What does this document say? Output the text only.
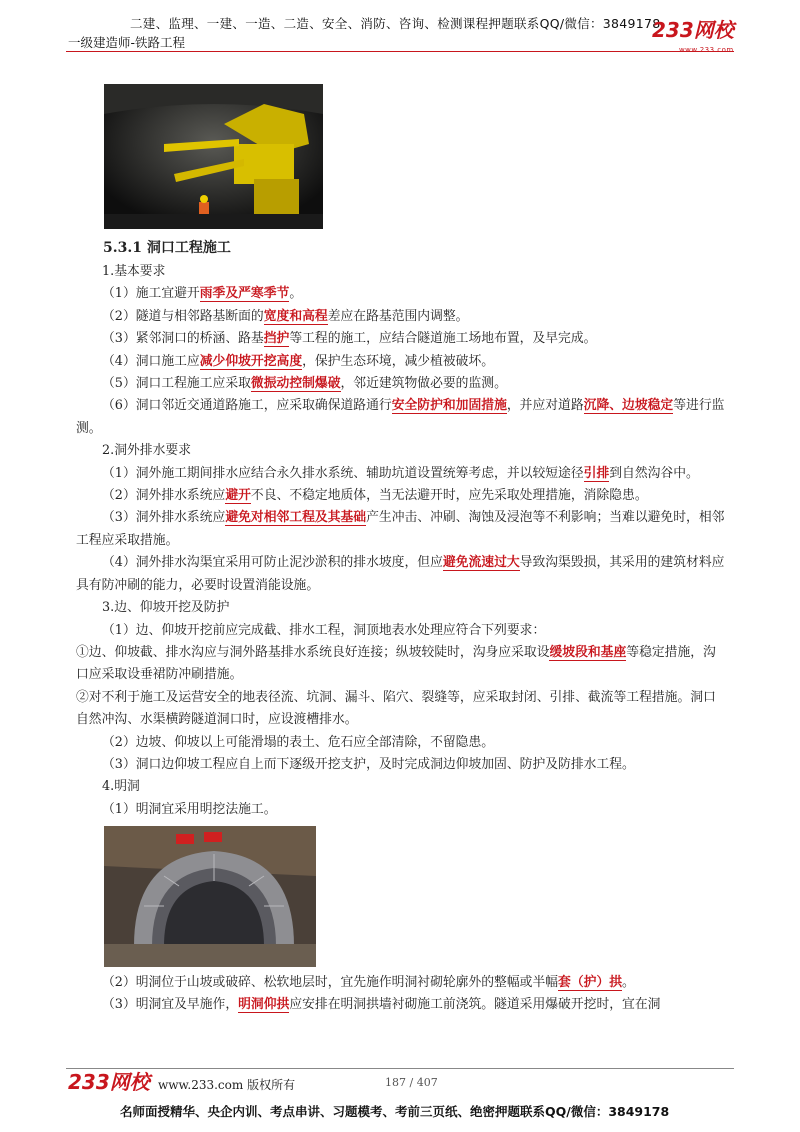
二建、监理、一建、一造、二造、安全、消防、咨询、检测课程押题联系QQ/微信：3849178
一级建造师-铁路工程
233网校
www.233.com
5.3.1 洞口工程施工

1.基本要求

（1）施工宜避开雨季及严寒季节。

（2）隧道与相邻路基断面的宽度和高程差应在路基范围内调整。

（3）紧邻洞口的桥涵、路基挡护等工程的施工，应结合隧道施工场地布置，及早完成。

（4）洞口施工应减少仰坡开挖高度，保护生态环境，减少植被破坏。

（5）洞口工程施工应采取微振动控制爆破，邻近建筑物做必要的监测。

（6）洞口邻近交通道路施工，应采取确保道路通行安全防护和加固措施，并应对道路沉降、边坡稳定等进行监测。

2.洞外排水要求

（1）洞外施工期间排水应结合永久排水系统、辅助坑道设置统筹考虑，并以较短途径引排到自然沟谷中。

（2）洞外排水系统应避开不良、不稳定地质体，当无法避开时，应先采取处理措施，消除隐患。

（3）洞外排水系统应避免对相邻工程及其基础产生冲击、冲刷、淘蚀及浸泡等不利影响；当难以避免时，相邻工程应采取措施。

（4）洞外排水沟渠宜采用可防止泥沙淤积的排水坡度，但应避免流速过大导致沟渠毁损，其采用的建筑材料应具有防冲刷的能力，必要时设置消能设施。

3.边、仰坡开挖及防护

（1）边、仰坡开挖前应完成截、排水工程，洞顶地表水处理应符合下列要求：

①边、仰坡截、排水沟应与洞外路基排水系统良好连接；纵坡较陡时，沟身应采取设缓坡段和基座等稳定措施，沟口应采取设垂裙防冲刷措施。

②对不利于施工及运营安全的地表径流、坑洞、漏斗、陷穴、裂缝等，应采取封闭、引排、截流等工程措施。洞口自然冲沟、水渠横跨隧道洞口时，应设渡槽排水。

（2）边坡、仰坡以上可能滑塌的表土、危石应全部清除，不留隐患。

（3）洞口边仰坡工程应自上而下逐级开挖支护，及时完成洞边仰坡加固、防护及防排水工程。

4.明洞

（1）明洞宜采用明挖法施工。

（2）明洞位于山坡或破碎、松软地层时，宜先施作明洞衬砌轮廓外的整幅或半幅套（护）拱。

（3）明洞宜及早施作，明洞仰拱应安排在明洞拱墙衬砌施工前浇筑。隧道采用爆破开挖时，宜在洞

233网校 www.233.com 版权所有	187 / 407
名师面授精华、央企内训、考点串讲、习题模考、考前三页纸、绝密押题联系QQ/微信：3849178
